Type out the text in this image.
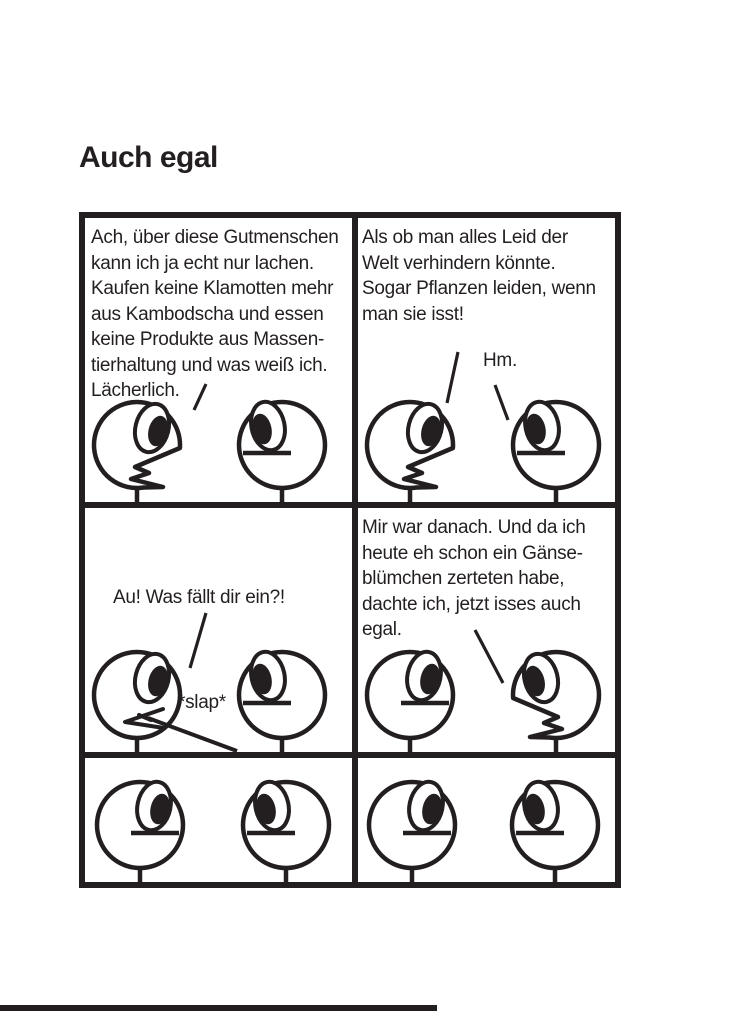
Auch egal
Ach, über diese Gutmenschen
kann ich ja echt nur lachen.
Kaufen keine Klamotten mehr
aus Kambodscha und essen
keine Produkte aus Massen-
tierhaltung und was weiß ich.
Lächerlich.
Als ob man alles Leid der
Welt verhindern könnte.
Sogar Pflanzen leiden, wenn
man sie isst!
Hm.
Au! Was fällt dir ein?!
*slap*
Mir war danach. Und da ich
heute eh schon ein Gänse-
blümchen zerteten habe,
dachte ich, jetzt isses auch
egal.
